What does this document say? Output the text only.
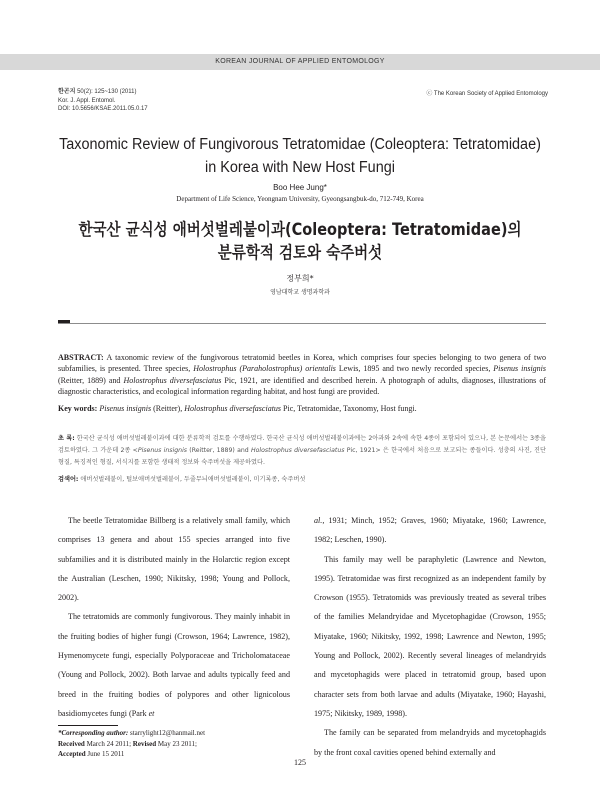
KOREAN JOURNAL OF APPLIED ENTOMOLOGY
한곤지 50(2): 125~130 (2011)
Kor. J. Appl. Entomol.
DOI: 10.5656/KSAE.2011.05.0.17
ⓒ The Korean Society of Applied Entomology
Taxonomic Review of Fungivorous Tetratomidae (Coleoptera: Tetratomidae)
in Korea with New Host Fungi
Boo Hee Jung*
Department of Life Science, Yeongnam University, Gyeongsangbuk-do, 712-749, Korea
한국산 균식성 애버섯벌레붙이과(Coleoptera: Tetratomidae)의
분류학적 검토와 숙주버섯
정부희*
영남대학교 생명과학과
ABSTRACT: A taxonomic review of the fungivorous tetratomid beetles in Korea, which comprises four species belonging to two genera of two subfamilies, is presented. Three species, Holostrophus (Paraholostrophus) orientalis Lewis, 1895 and two newly recorded species, Pisenus insignis (Reitter, 1889) and Holostrophus diversefasciatus Pic, 1921, are identified and described herein. A photograph of adults, diagnoses, illustrations of diagnostic characteristics, and ecological information regarding habitat, and host fungi are provided.
Key words: Pisenus insignis (Reitter), Holostrophus diversefasciatus Pic, Tetratomidae, Taxonomy, Host fungi.
초 록: 한국산 균식성 애버섯벌레붙이과에 대한 분류학적 검토를 수행하였다. 한국산 균식성 애버섯벌레붙이과에는 2아과와 2속에 속한 4종이 포함되어 있으나, 본 논문에서는 3종을 검토하였다. 그 가운데 2종 <Pisenus insignis (Reitter, 1889) and Holostrophus diversefasciatus Pic, 1921> 은 한국에서 처음으로 보고되는 종들이다. 성충의 사진, 진단 형질, 특징적인 형질, 서식지를 포함한 생태적 정보와 숙주버섯을 제공하였다.
검색어: 애버섯벌레붙이, 털보애버섯벌레붙이, 두줄무늬애버섯벌레붙이, 미기록종, 숙주버섯

The beetle Tetratomidae Billberg is a relatively small family, which comprises 13 genera and about 155 species arranged into five subfamilies and it is distributed mainly in the Holarctic region except the Australian (Leschen, 1990; Nikitsky, 1998; Young and Pollock, 2002).

The tetratomids are commonly fungivorous. They mainly inhabit in the fruiting bodies of higher fungi (Crowson, 1964; Lawrence, 1982), Hymenomycete fungi, especially Polyporaceae and Tricholomataceae (Young and Pollock, 2002). Both larvae and adults typically feed and breed in the fruiting bodies of polypores and other lignicolous basidiomycetes fungi (Park et

al., 1931; Minch, 1952; Graves, 1960; Miyatake, 1960; Lawrence, 1982; Leschen, 1990).

This family may well be paraphyletic (Lawrence and Newton, 1995). Tetratomidae was first recognized as an independent family by Crowson (1955). Tetratomids was previously treated as several tribes of the families Melandryidae and Mycetophagidae (Crowson, 1955; Miyatake, 1960; Nikitsky, 1992, 1998; Lawrence and Newton, 1995; Young and Pollock, 2002). Recently several lineages of melandryids and mycetophagids were placed in tetratomid group, based upon character sets from both larvae and adults (Miyatake, 1960; Hayashi, 1975; Nikitsky, 1989, 1998).

The family can be separated from melandryids and mycetophagids by the front coxal cavities opened behind externally and

*Corresponding author: starrylight12@hanmail.net
Received March 24 2011; Revised May 23 2011;
Accepted June 15 2011
125
